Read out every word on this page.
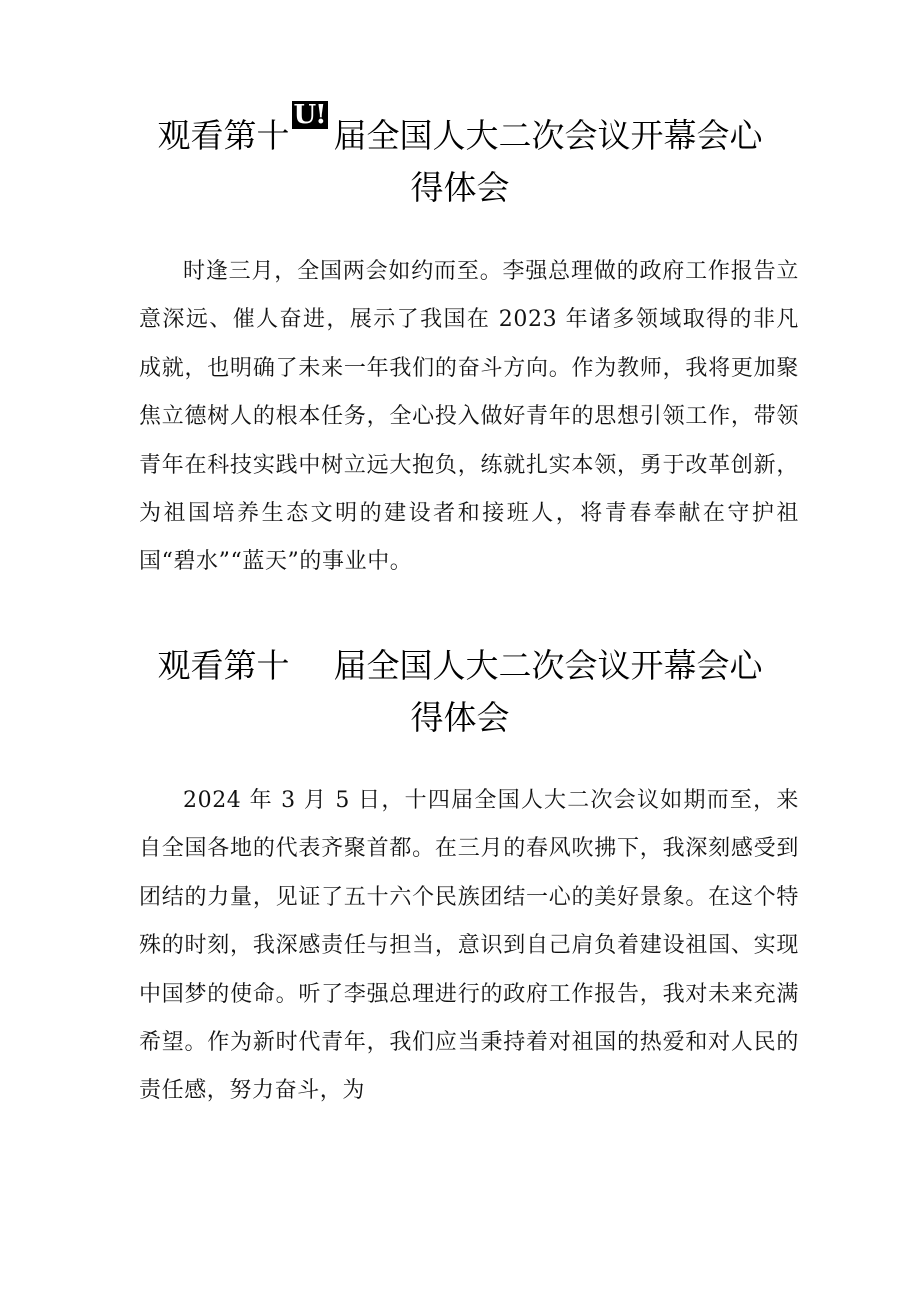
观看第十
U!
届全国人大二次会议开幕会心
得体会

时逢三月，全国两会如约而至。李强总理做的政府工作报告立意深远、催人奋进，展示了我国在 2023 年诸多领域取得的非凡成就，也明确了未来一年我们的奋斗方向。作为教师，我将更加聚焦立德树人的根本任务，全心投入做好青年的思想引领工作，带领青年在科技实践中树立远大抱负，练就扎实本领，勇于改革创新，为祖国培养生态文明的建设者和接班人，将青春奉献在守护祖国“碧水”“蓝天”的事业中。

观看第十 届全国人大二次会议开幕会心
得体会

2024 年 3 月 5 日，十四届全国人大二次会议如期而至，来自全国各地的代表齐聚首都。在三月的春风吹拂下，我深刻感受到团结的力量，见证了五十六个民族团结一心的美好景象。在这个特殊的时刻，我深感责任与担当，意识到自己肩负着建设祖国、实现中国梦的使命。听了李强总理进行的政府工作报告，我对未来充满希望。作为新时代青年，我们应当秉持着对祖国的热爱和对人民的责任感，努力奋斗，为
